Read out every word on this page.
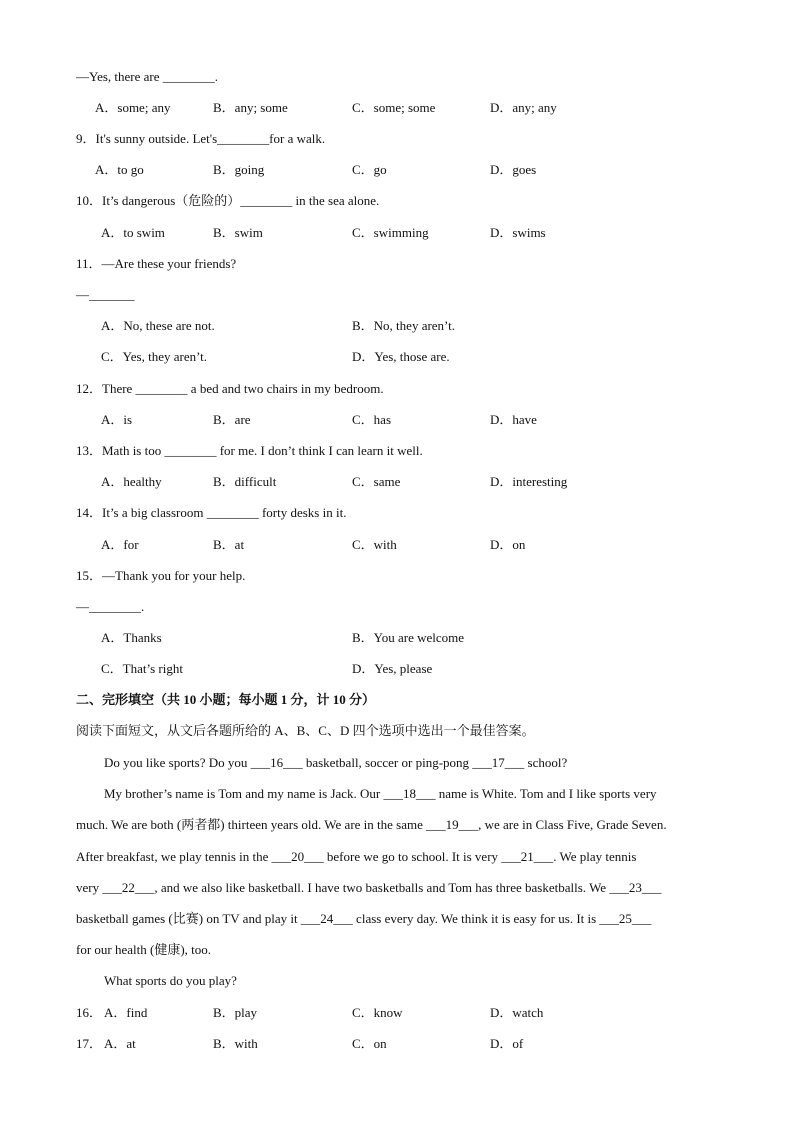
—Yes, there are ________.
A．some; any	B．any; some	C．some; some	D．any; any
9．It's sunny outside. Let's________for a walk.
A．to go	B．going	C．go	D．goes
10．It’s dangerous（危险的）________ in the sea alone.
A．to swim	B．swim	C．swimming	D．swims
11．—Are these your friends?
—_______
A．No, these are not.	B．No, they aren’t.
C．Yes, they aren’t.	D．Yes, those are.
12．There ________ a bed and two chairs in my bedroom.
A．is	B．are	C．has	D．have
13．Math is too ________ for me. I don’t think I can learn it well.
A．healthy	B．difficult	C．same	D．interesting
14．It’s a big classroom ________ forty desks in it.
A．for	B．at	C．with	D．on
15．—Thank you for your help.
—________.
A．Thanks	B．You are welcome
C．That’s right	D．Yes, please
二、完形填空（共 10 小题；每小题 1 分，计 10 分）
阅读下面短文，从文后各题所给的 A、B、C、D 四个选项中选出一个最佳答案。
Do you like sports? Do you ___16___ basketball, soccer or ping-pong ___17___ school?
My brother’s name is Tom and my name is Jack. Our ___18___ name is White. Tom and I like sports very
much. We are both (两者都) thirteen years old. We are in the same ___19___, we are in Class Five, Grade Seven.
After breakfast, we play tennis in the ___20___ before we go to school. It is very ___21___. We play tennis
very ___22___, and we also like basketball. I have two basketballs and Tom has three basketballs. We ___23___
basketball games (比赛) on TV and play it ___24___ class every day. We think it is easy for us. It is ___25___
for our health (健康), too.
What sports do you play?
16． A．find	B．play	C．know	D．watch
17． A．at	B．with	C．on	D．of
